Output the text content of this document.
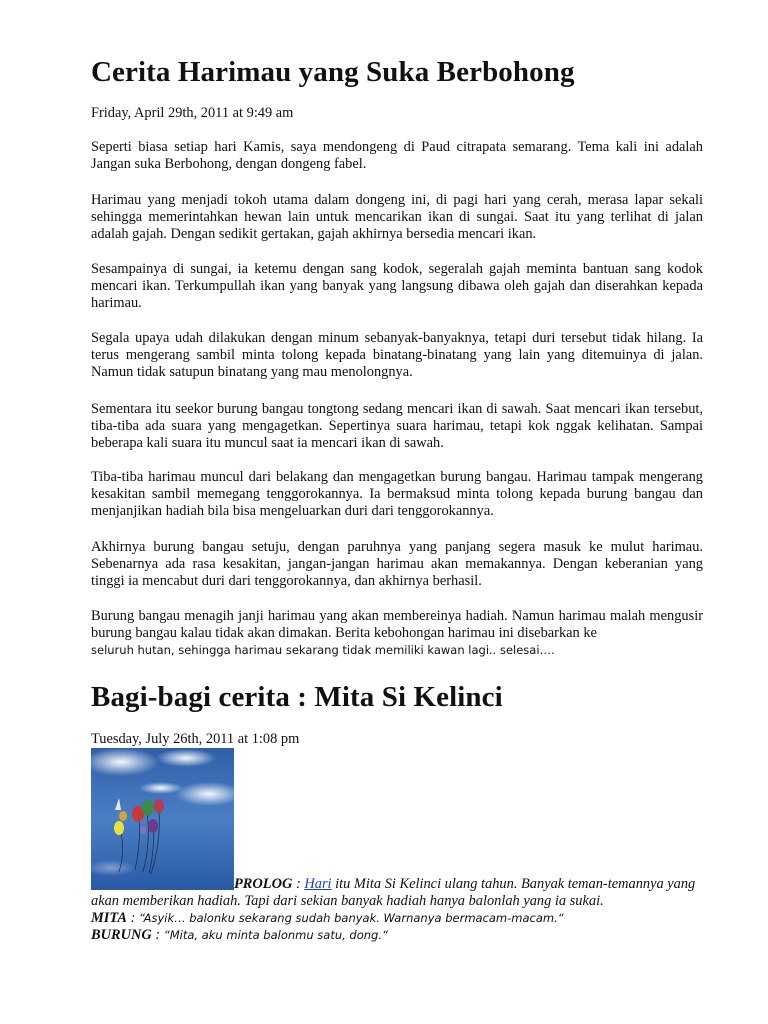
Cerita Harimau yang Suka Berbohong
Friday, April 29th, 2011 at 9:49 am

Seperti biasa setiap hari Kamis, saya mendongeng di Paud citrapata semarang. Tema kali ini adalah Jangan suka Berbohong, dengan dongeng fabel.

Harimau yang menjadi tokoh utama dalam dongeng ini, di pagi hari yang cerah, merasa lapar sekali sehingga memerintahkan hewan lain untuk mencarikan ikan di sungai. Saat itu yang terlihat di jalan adalah gajah. Dengan sedikit gertakan, gajah akhirnya bersedia mencari ikan.

Sesampainya di sungai, ia ketemu dengan sang kodok, segeralah gajah meminta bantuan sang kodok mencari ikan. Terkumpullah ikan yang banyak yang langsung dibawa oleh gajah dan diserahkan kepada harimau.

Segala upaya udah dilakukan dengan minum sebanyak-banyaknya, tetapi duri tersebut tidak hilang. Ia terus mengerang sambil minta tolong kepada binatang-binatang yang lain yang ditemuinya di jalan. Namun tidak satupun binatang yang mau menolongnya.

Sementara itu seekor burung bangau tongtong sedang mencari ikan di sawah. Saat mencari ikan tersebut, tiba-tiba ada suara yang mengagetkan. Sepertinya suara harimau, tetapi kok nggak kelihatan. Sampai beberapa kali suara itu muncul saat ia mencari ikan di sawah.

Tiba-tiba harimau muncul dari belakang dan mengagetkan burung bangau. Harimau tampak mengerang kesakitan sambil memegang tenggorokannya. Ia bermaksud minta tolong kepada burung bangau dan menjanjikan hadiah bila bisa mengeluarkan duri dari tenggorokannya.

Akhirnya burung bangau setuju, dengan paruhnya yang panjang segera masuk ke mulut harimau. Sebenarnya ada rasa kesakitan, jangan-jangan harimau akan memakannya. Dengan keberanian yang tinggi ia mencabut duri dari tenggorokannya, dan akhirnya berhasil.

Burung bangau menagih janji harimau yang akan membereinya hadiah. Namun harimau malah mengusir burung bangau kalau tidak akan dimakan. Berita kebohongan harimau ini disebarkan ke
seluruh hutan, sehingga harimau sekarang tidak memiliki kawan lagi.. selesai….
Bagi-bagi cerita : Mita Si Kelinci
Tuesday, July 26th, 2011 at 1:08 pm
PROLOG : Hari itu Mita Si Kelinci ulang tahun. Banyak teman-temannya yang akan memberikan hadiah. Tapi dari sekian banyak hadiah hanya balonlah yang ia sukai.
MITA : “Asyik… balonku sekarang sudah banyak. Warnanya bermacam-macam.“
BURUNG : “Mita, aku minta balonmu satu, dong.“
